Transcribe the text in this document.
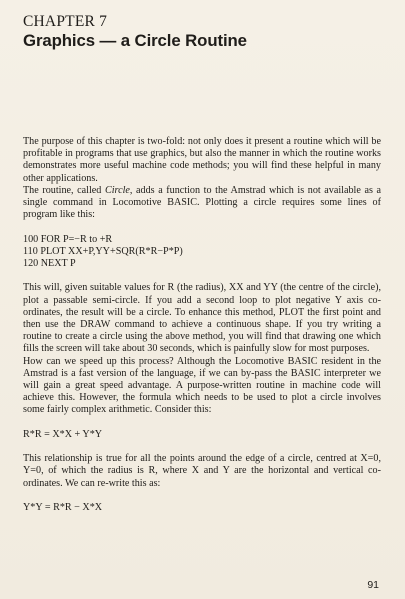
CHAPTER 7
Graphics — a Circle Routine

The purpose of this chapter is two-fold: not only does it present a routine which will be profitable in programs that use graphics, but also the manner in which the routine works demonstrates more useful machine code methods; you will find these helpful in many other applications.

The routine, called Circle, adds a function to the Amstrad which is not available as a single command in Locomotive BASIC. Plotting a circle requires some lines of program like this:

100 FOR P=−R to +R

110 PLOT XX+P,YY+SQR(R*R−P*P)

120 NEXT P

This will, given suitable values for R (the radius), XX and YY (the centre of the circle), plot a passable semi-circle. If you add a second loop to plot negative Y axis co-ordinates, the result will be a circle. To enhance this method, PLOT the first point and then use the DRAW command to achieve a continuous shape. If you try writing a routine to create a circle using the above method, you will find that drawing one which fills the screen will take about 30 seconds, which is painfully slow for most purposes.

How can we speed up this process? Although the Locomotive BASIC resident in the Amstrad is a fast version of the language, if we can by-pass the BASIC interpreter we will gain a great speed advantage. A purpose-written routine in machine code will achieve this. However, the formula which needs to be used to plot a circle involves some fairly complex arithmetic. Consider this:

R*R = X*X + Y*Y

This relationship is true for all the points around the edge of a circle, centred at X=0, Y=0, of which the radius is R, where X and Y are the horizontal and vertical co-ordinates. We can re-write this as:

Y*Y = R*R − X*X

91
